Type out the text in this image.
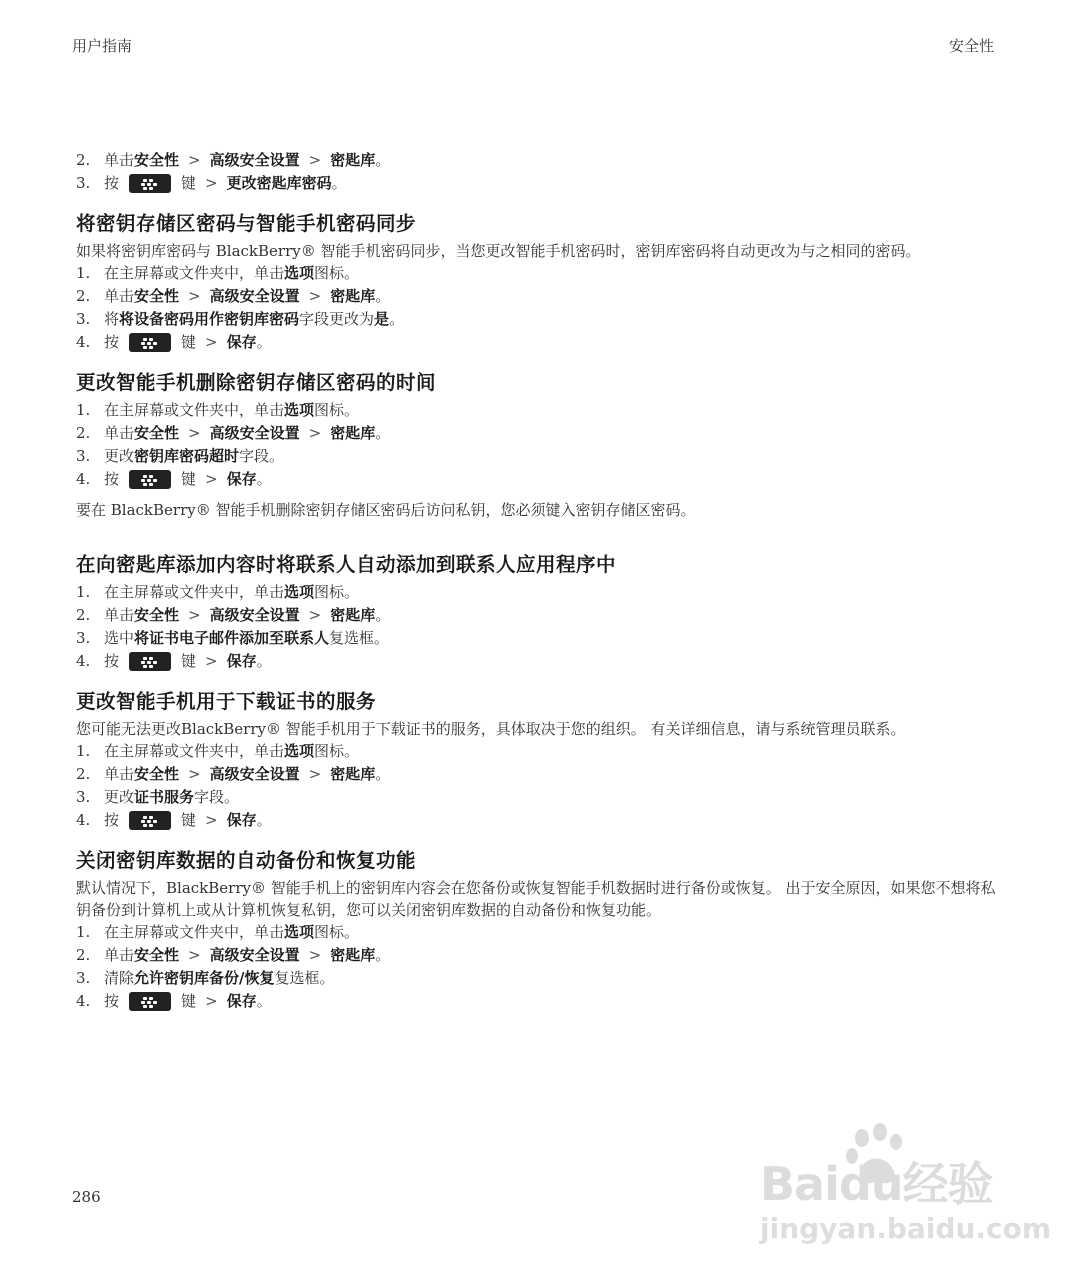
用户指南	安全性
2. 单击 安全性 > 高级安全设置 > 密匙库 。
3. 按	键 > 更改密匙库密码 。
将密钥存储区密码与智能手机密码同步

如果将密钥库密码与 BlackBerry® 智能手机密码同步，当您更改智能手机密码时，密钥库密码将自动更改为与之相同的密码。

1. 在主屏幕或文件夹中，单击 选项 图标。
2. 单击 安全性 > 高级安全设置 > 密匙库 。
3. 将 将设备密码用作密钥库密码 字段更改为 是 。
4. 按	键 > 保存 。
更改智能手机删除密钥存储区密码的时间
1. 在主屏幕或文件夹中，单击 选项 图标。
2. 单击 安全性 > 高级安全设置 > 密匙库 。
3. 更改 密钥库密码超时 字段。
4. 按	键 > 保存 。

要在 BlackBerry® 智能手机删除密钥存储区密码后访问私钥，您必须键入密钥存储区密码。

在向密匙库添加内容时将联系人自动添加到联系人应用程序中
1. 在主屏幕或文件夹中，单击 选项 图标。
2. 单击 安全性 > 高级安全设置 > 密匙库 。
3. 选中 将证书电子邮件添加至联系人 复选框。
4. 按	键 > 保存 。
更改智能手机用于下载证书的服务

您可能无法更改BlackBerry® 智能手机用于下载证书的服务，具体取决于您的组织。 有关详细信息，请与系统管理员联系。

1. 在主屏幕或文件夹中，单击 选项 图标。
2. 单击 安全性 > 高级安全设置 > 密匙库 。
3. 更改 证书服务 字段。
4. 按	键 > 保存 。
关闭密钥库数据的自动备份和恢复功能

默认情况下，BlackBerry® 智能手机上的密钥库内容会在您备份或恢复智能手机数据时进行备份或恢复。 出于安全原因，如果您不想将私钥备份到计算机上或从计算机恢复私钥，您可以关闭密钥库数据的自动备份和恢复功能。

1. 在主屏幕或文件夹中，单击 选项 图标。
2. 单击 安全性 > 高级安全设置 > 密匙库 。
3. 清除 允许密钥库备份/恢复 复选框。
4. 按	键 > 保存 。
286	Baidu经验
jingyan.baidu.com
